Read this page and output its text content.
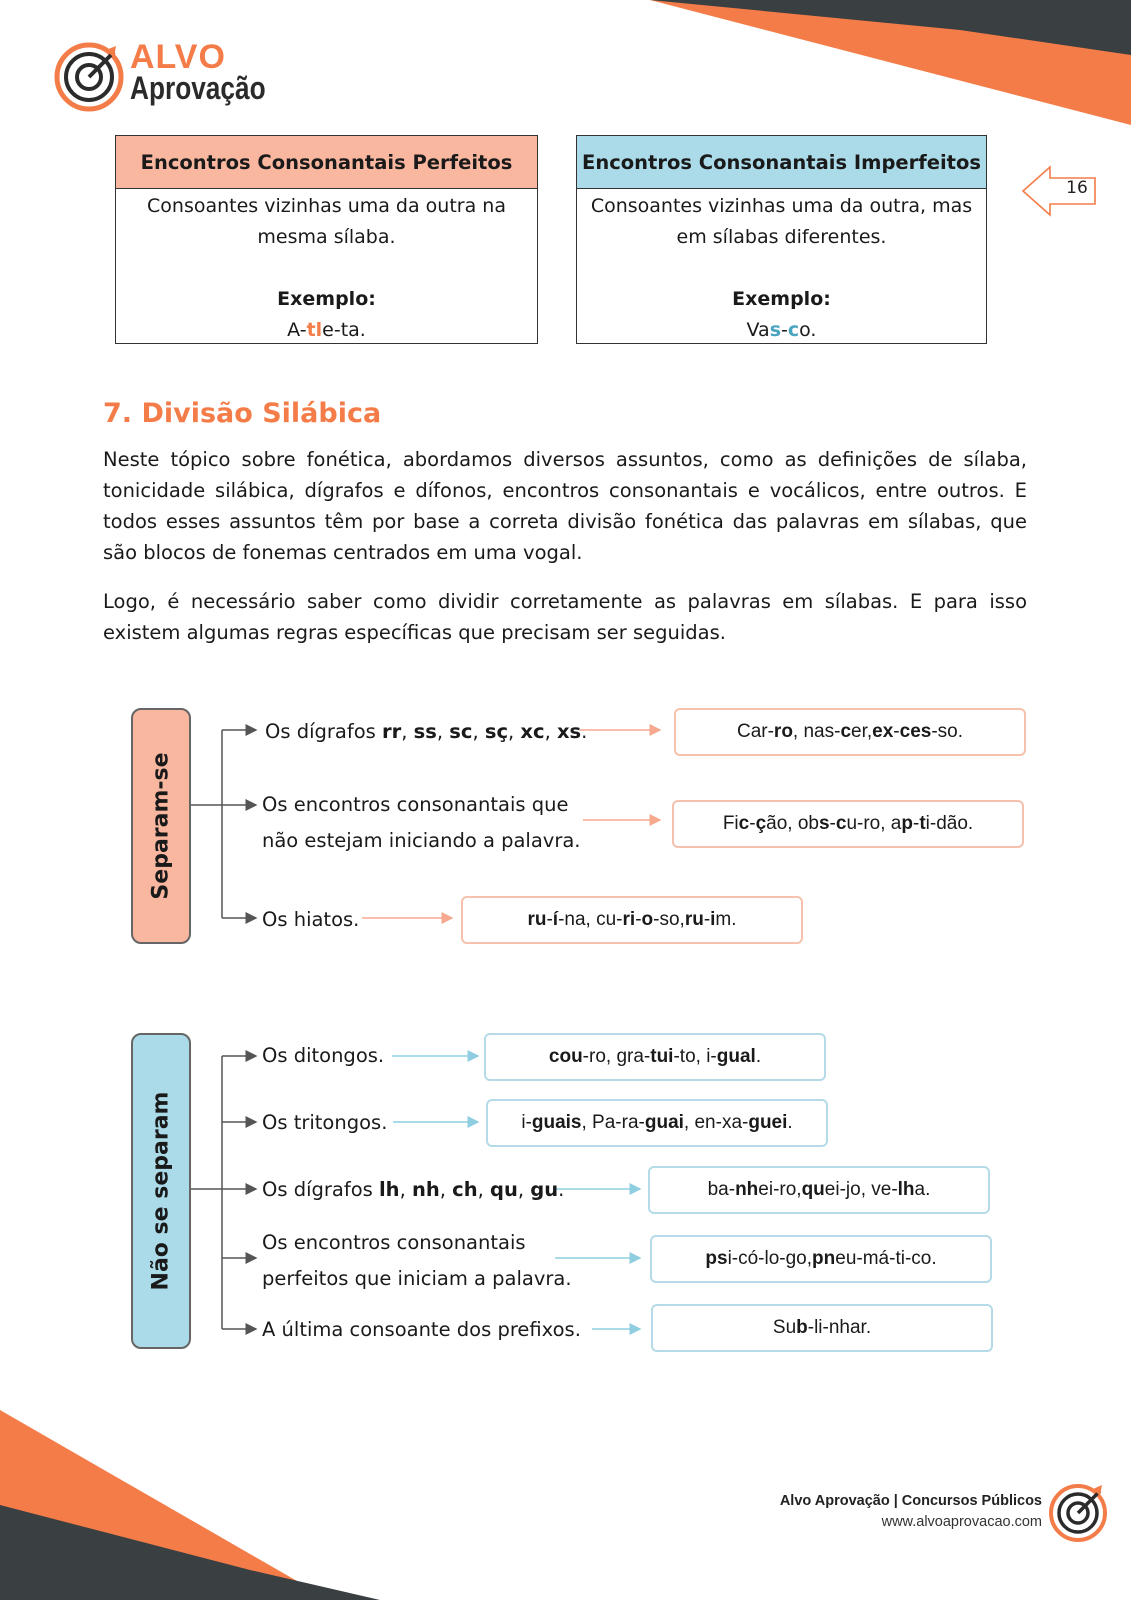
ALVO
Aprovação
16
Encontros Consonantais Perfeitos
Consoantes vizinhas uma da outra na mesma sílaba.
Exemplo:
A-tle-ta.
Encontros Consonantais Imperfeitos
Consoantes vizinhas uma da outra, mas em sílabas diferentes.
Exemplo:
Vas-co.
7. Divisão Silábica
Neste tópico sobre fonética, abordamos diversos assuntos, como as definições de sílaba, tonicidade silábica, dígrafos e dífonos, encontros consonantais e vocálicos, entre outros. E todos esses assuntos têm por base a correta divisão fonética das palavras em sílabas, que são blocos de fonemas centrados em uma vogal.
Logo, é necessário saber como dividir corretamente as palavras em sílabas. E para isso existem algumas regras específicas que precisam ser seguidas.
Separam-se
Não se separam
Os dígrafos rr, ss, sc, sç, xc, xs.
Os encontros consonantais que
não estejam iniciando a palavra.
Os hiatos.
Car- ro , nas- c er, ex - ces -so.
Fi c - ç ão, ob s - c u-ro, a p - t i-dão.
ru - í -na, cu- ri - o -so, ru - i m.
Os ditongos.
Os tritongos.
Os dígrafos lh, nh, ch, qu, gu.
Os encontros consonantais
perfeitos que iniciam a palavra.
A última consoante dos prefixos.
cou -ro, gra- tui -to, i- gual .
i- guais , Pa-ra- guai , en-xa- guei .
ba- nh ei-ro, qu ei-jo, ve- lh a.
ps i-có-lo-go, pn eu-má-ti-co.
Su b -li-nhar.
Alvo Aprovação | Concursos Públicos
www.alvoaprovacao.com
